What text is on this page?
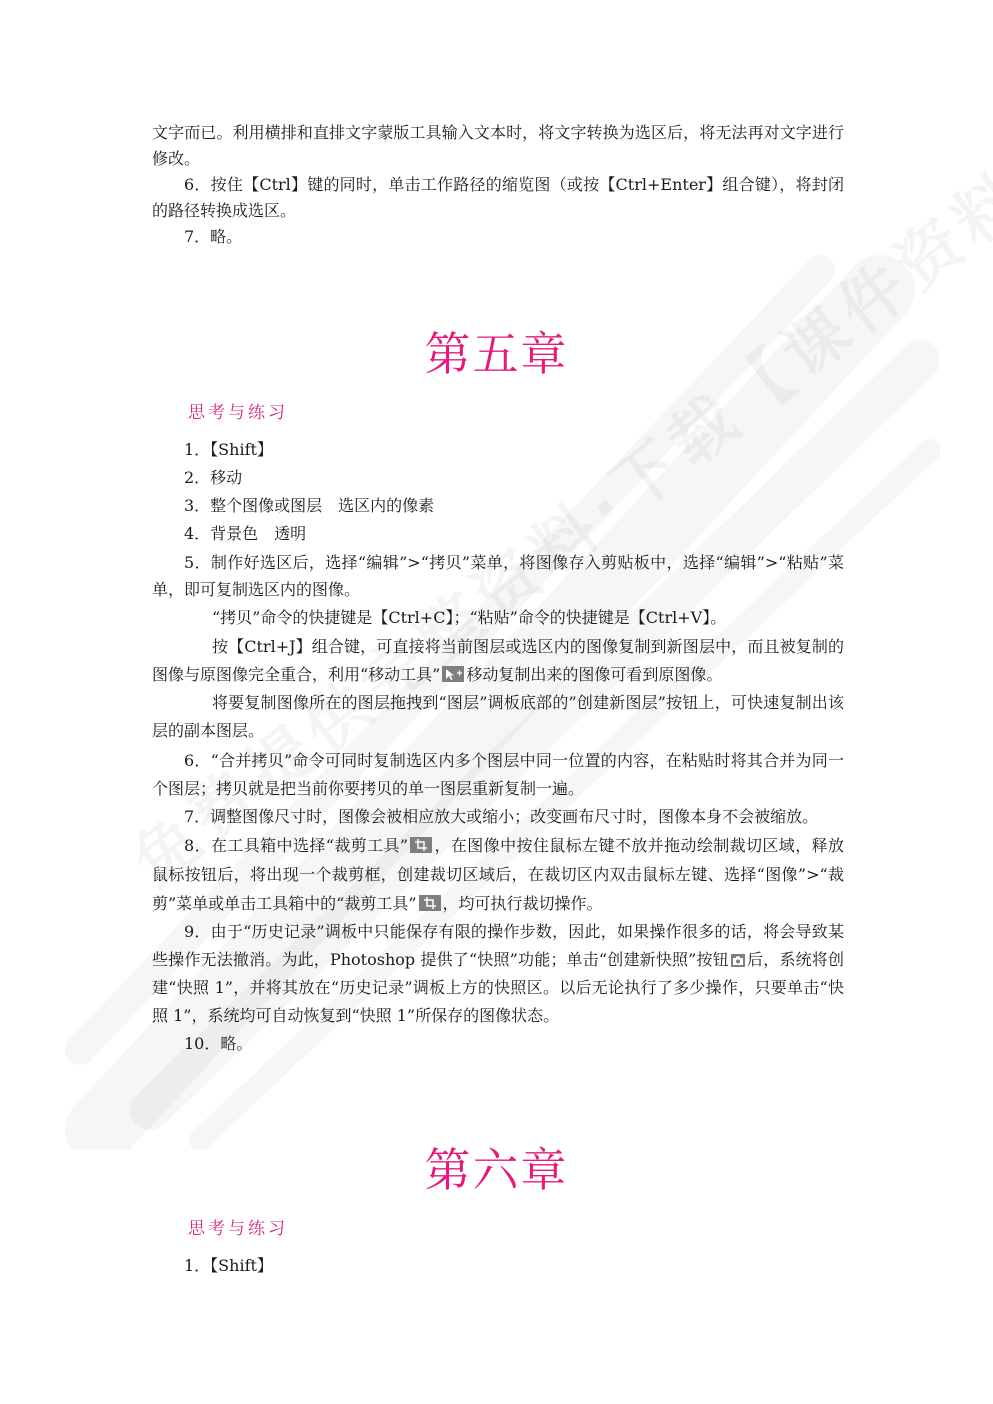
文字而已。利用横排和直排文字蒙版工具输入文本时，将文字转换为选区后，将无法再对文字进行修改。

6．按住【Ctrl】键的同时，单击工作路径的缩览图（或按【Ctrl+Enter】组合键），将封闭的路径转换成选区。

7．略。

第五章
思考与练习

1．【Shift】

2．移动

3．整个图像或图层　选区内的像素

4．背景色　透明

5．制作好选区后，选择“编辑”>“拷贝”菜单，将图像存入剪贴板中，选择“编辑”>“粘贴”菜单，即可复制选区内的图像。

“拷贝”命令的快捷键是【Ctrl+C】；“粘贴”命令的快捷键是【Ctrl+V】。

按【Ctrl+J】组合键，可直接将当前图层或选区内的图像复制到新图层中，而且被复制的图像与原图像完全重合，利用“移动工具” 移动复制出来的图像可看到原图像。

将要复制图像所在的图层拖拽到“图层”调板底部的”创建新图层”按钮上，可快速复制出该层的副本图层。

6．“合并拷贝”命令可同时复制选区内多个图层中同一位置的内容，在粘贴时将其合并为同一个图层；拷贝就是把当前你要拷贝的单一图层重新复制一遍。

7．调整图像尺寸时，图像会被相应放大或缩小；改变画布尺寸时，图像本身不会被缩放。

8．在工具箱中选择“裁剪工具” ，在图像中按住鼠标左键不放并拖动绘制裁切区域，释放鼠标按钮后，将出现一个裁剪框，创建裁切区域后，在裁切区内双击鼠标左键、选择“图像”>“裁剪”菜单或单击工具箱中的“裁剪工具” ，均可执行裁切操作。

9．由于“历史记录”调板中只能保存有限的操作步数，因此，如果操作很多的话，将会导致某些操作无法撤消。为此，Photoshop 提供了“快照”功能；单击“创建新快照”按钮 后，系统将创建“快照 1”，并将其放在“历史记录”调板上方的快照区。以后无论执行了多少操作，只要单击“快照 1”，系统均可自动恢复到“快照 1”所保存的图像状态。

10．略。

第六章
思考与练习

1．【Shift】
